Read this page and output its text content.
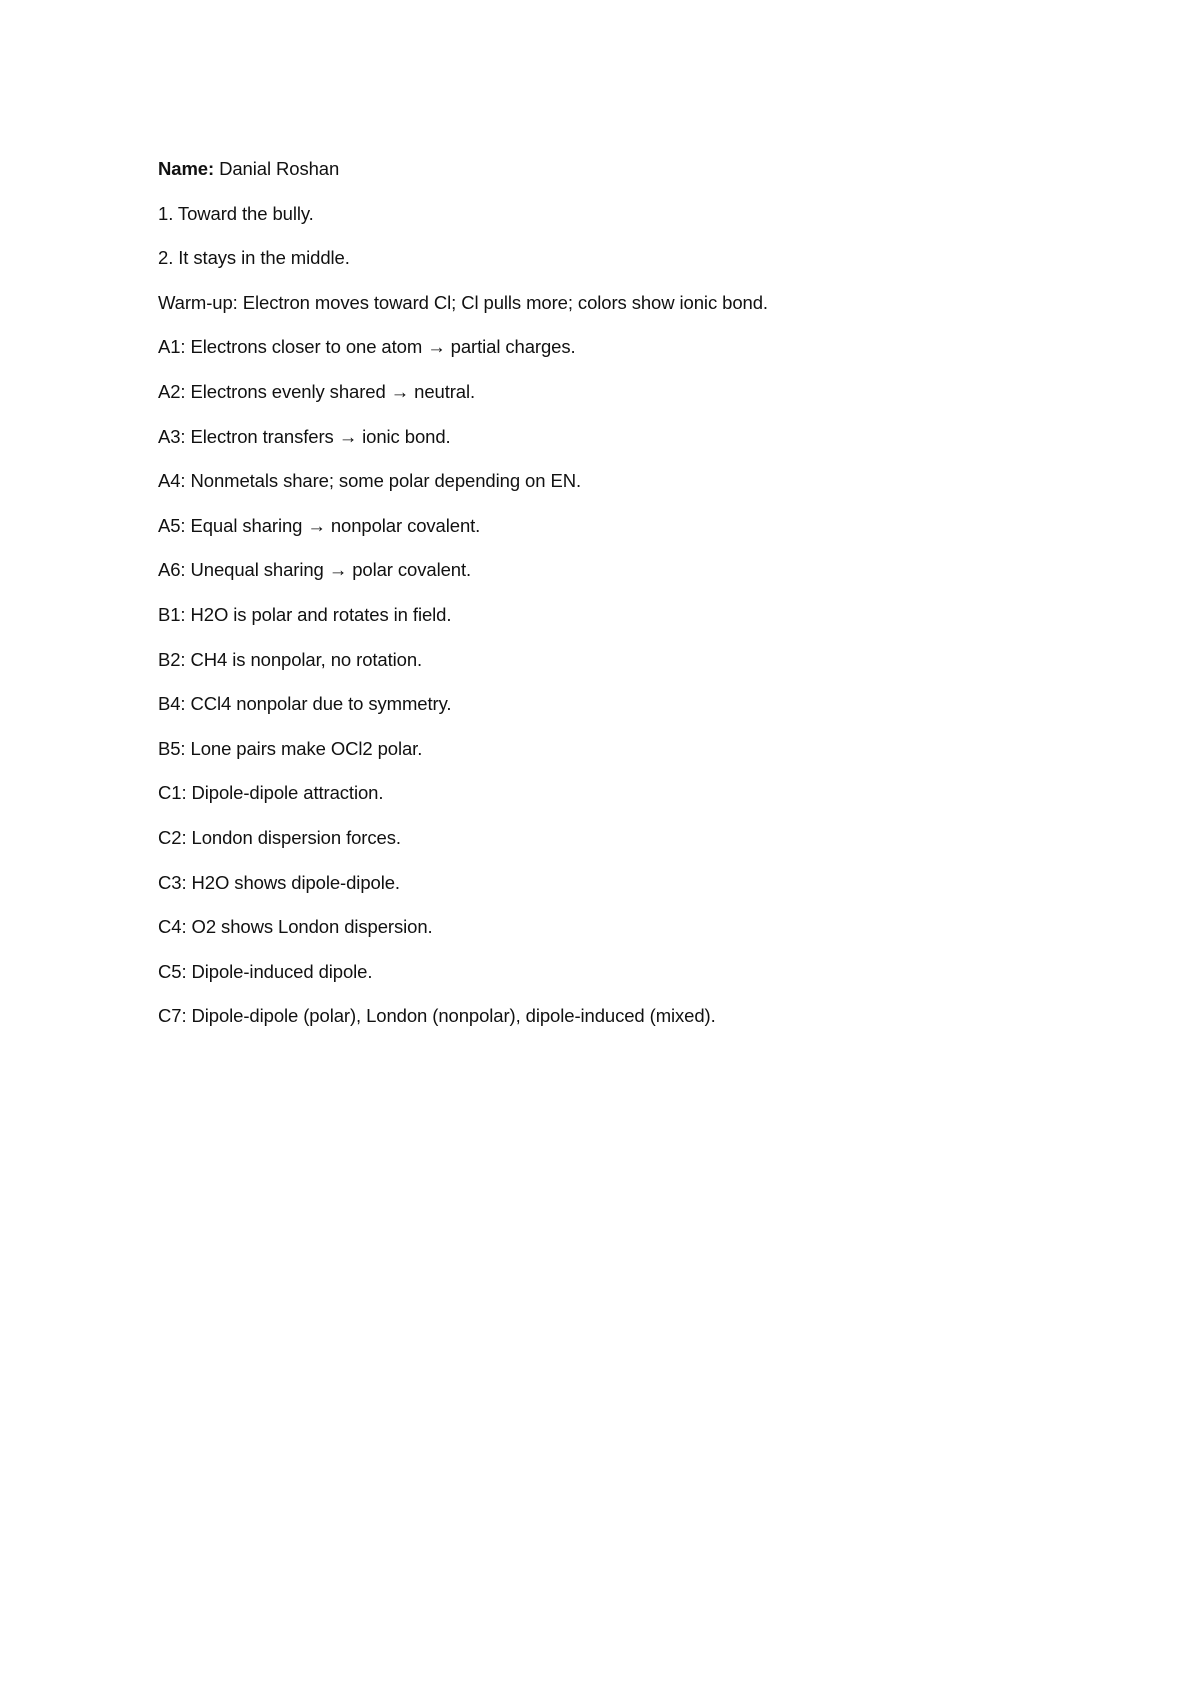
Name: Danial Roshan
1. Toward the bully.
2. It stays in the middle.
Warm-up: Electron moves toward Cl; Cl pulls more; colors show ionic bond.
A1: Electrons closer to one atom → partial charges.
A2: Electrons evenly shared → neutral.
A3: Electron transfers → ionic bond.
A4: Nonmetals share; some polar depending on EN.
A5: Equal sharing → nonpolar covalent.
A6: Unequal sharing → polar covalent.
B1: H2O is polar and rotates in field.
B2: CH4 is nonpolar, no rotation.
B4: CCl4 nonpolar due to symmetry.
B5: Lone pairs make OCl2 polar.
C1: Dipole-dipole attraction.
C2: London dispersion forces.
C3: H2O shows dipole-dipole.
C4: O2 shows London dispersion.
C5: Dipole-induced dipole.
C7: Dipole-dipole (polar), London (nonpolar), dipole-induced (mixed).
